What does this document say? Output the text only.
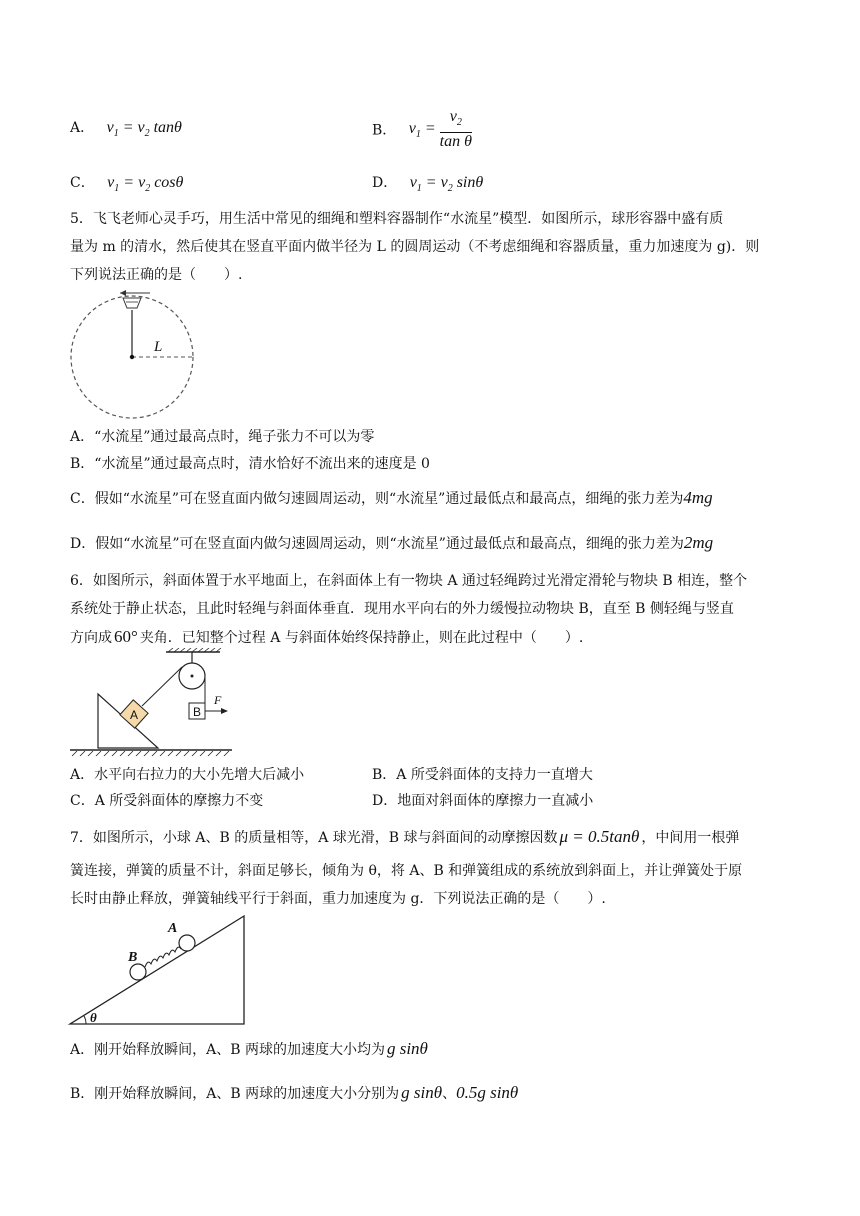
A． $v_1 = v_2$ tanθ	B． $v_1 = \frac{v_2}{\text{tan θ}}$
C． $v_1 = v_2$ cosθ	D． $v_1 = v_2$ sinθ
5．飞飞老师心灵手巧，用生活中常见的细绳和塑料容器制作“水流星”模型．如图所示，球形容器中盛有质
量为 m 的清水，然后使其在竖直平面内做半径为 L 的圆周运动（不考虑细绳和容器质量，重力加速度为 g)．则
下列说法正确的是（　　）.
L
A．“水流星”通过最高点时，绳子张力不可以为零
B．“水流星”通过最高点时，清水恰好不流出来的速度是 0
C．假如“水流星”可在竖直面内做匀速圆周运动，则“水流星”通过最低点和最高点，细绳的张力差为4mg
D．假如“水流星”可在竖直面内做匀速圆周运动，则“水流星”通过最低点和最高点，细绳的张力差为2mg
6．如图所示，斜面体置于水平地面上，在斜面体上有一物块 A 通过轻绳跨过光滑定滑轮与物块 B 相连，整个
系统处于静止状态，且此时轻绳与斜面体垂直．现用水平向右的外力缓慢拉动物块 B，直至 B 侧轻绳与竖直
方向成 60° 夹角．已知整个过程 A 与斜面体始终保持静止，则在此过程中（　　）.
A	B
F
A．水平向右拉力的大小先增大后减小	B．A 所受斜面体的支持力一直增大
C．A 所受斜面体的摩擦力不变	D．地面对斜面体的摩擦力一直减小
7．如图所示，小球 A、B 的质量相等，A 球光滑，B 球与斜面间的动摩擦因数 μ = 0.5tanθ ，中间用一根弹
簧连接，弹簧的质量不计，斜面足够长，倾角为 θ，将 A、B 和弹簧组成的系统放到斜面上，并让弹簧处于原
长时由静止释放，弹簧轴线平行于斜面，重力加速度为 g．下列说法正确的是（　　）.
θ
B
A
A．刚开始释放瞬间，A、B 两球的加速度大小均为 g sinθ
B．刚开始释放瞬间，A、B 两球的加速度大小分别为 g sinθ、0.5g sinθ
